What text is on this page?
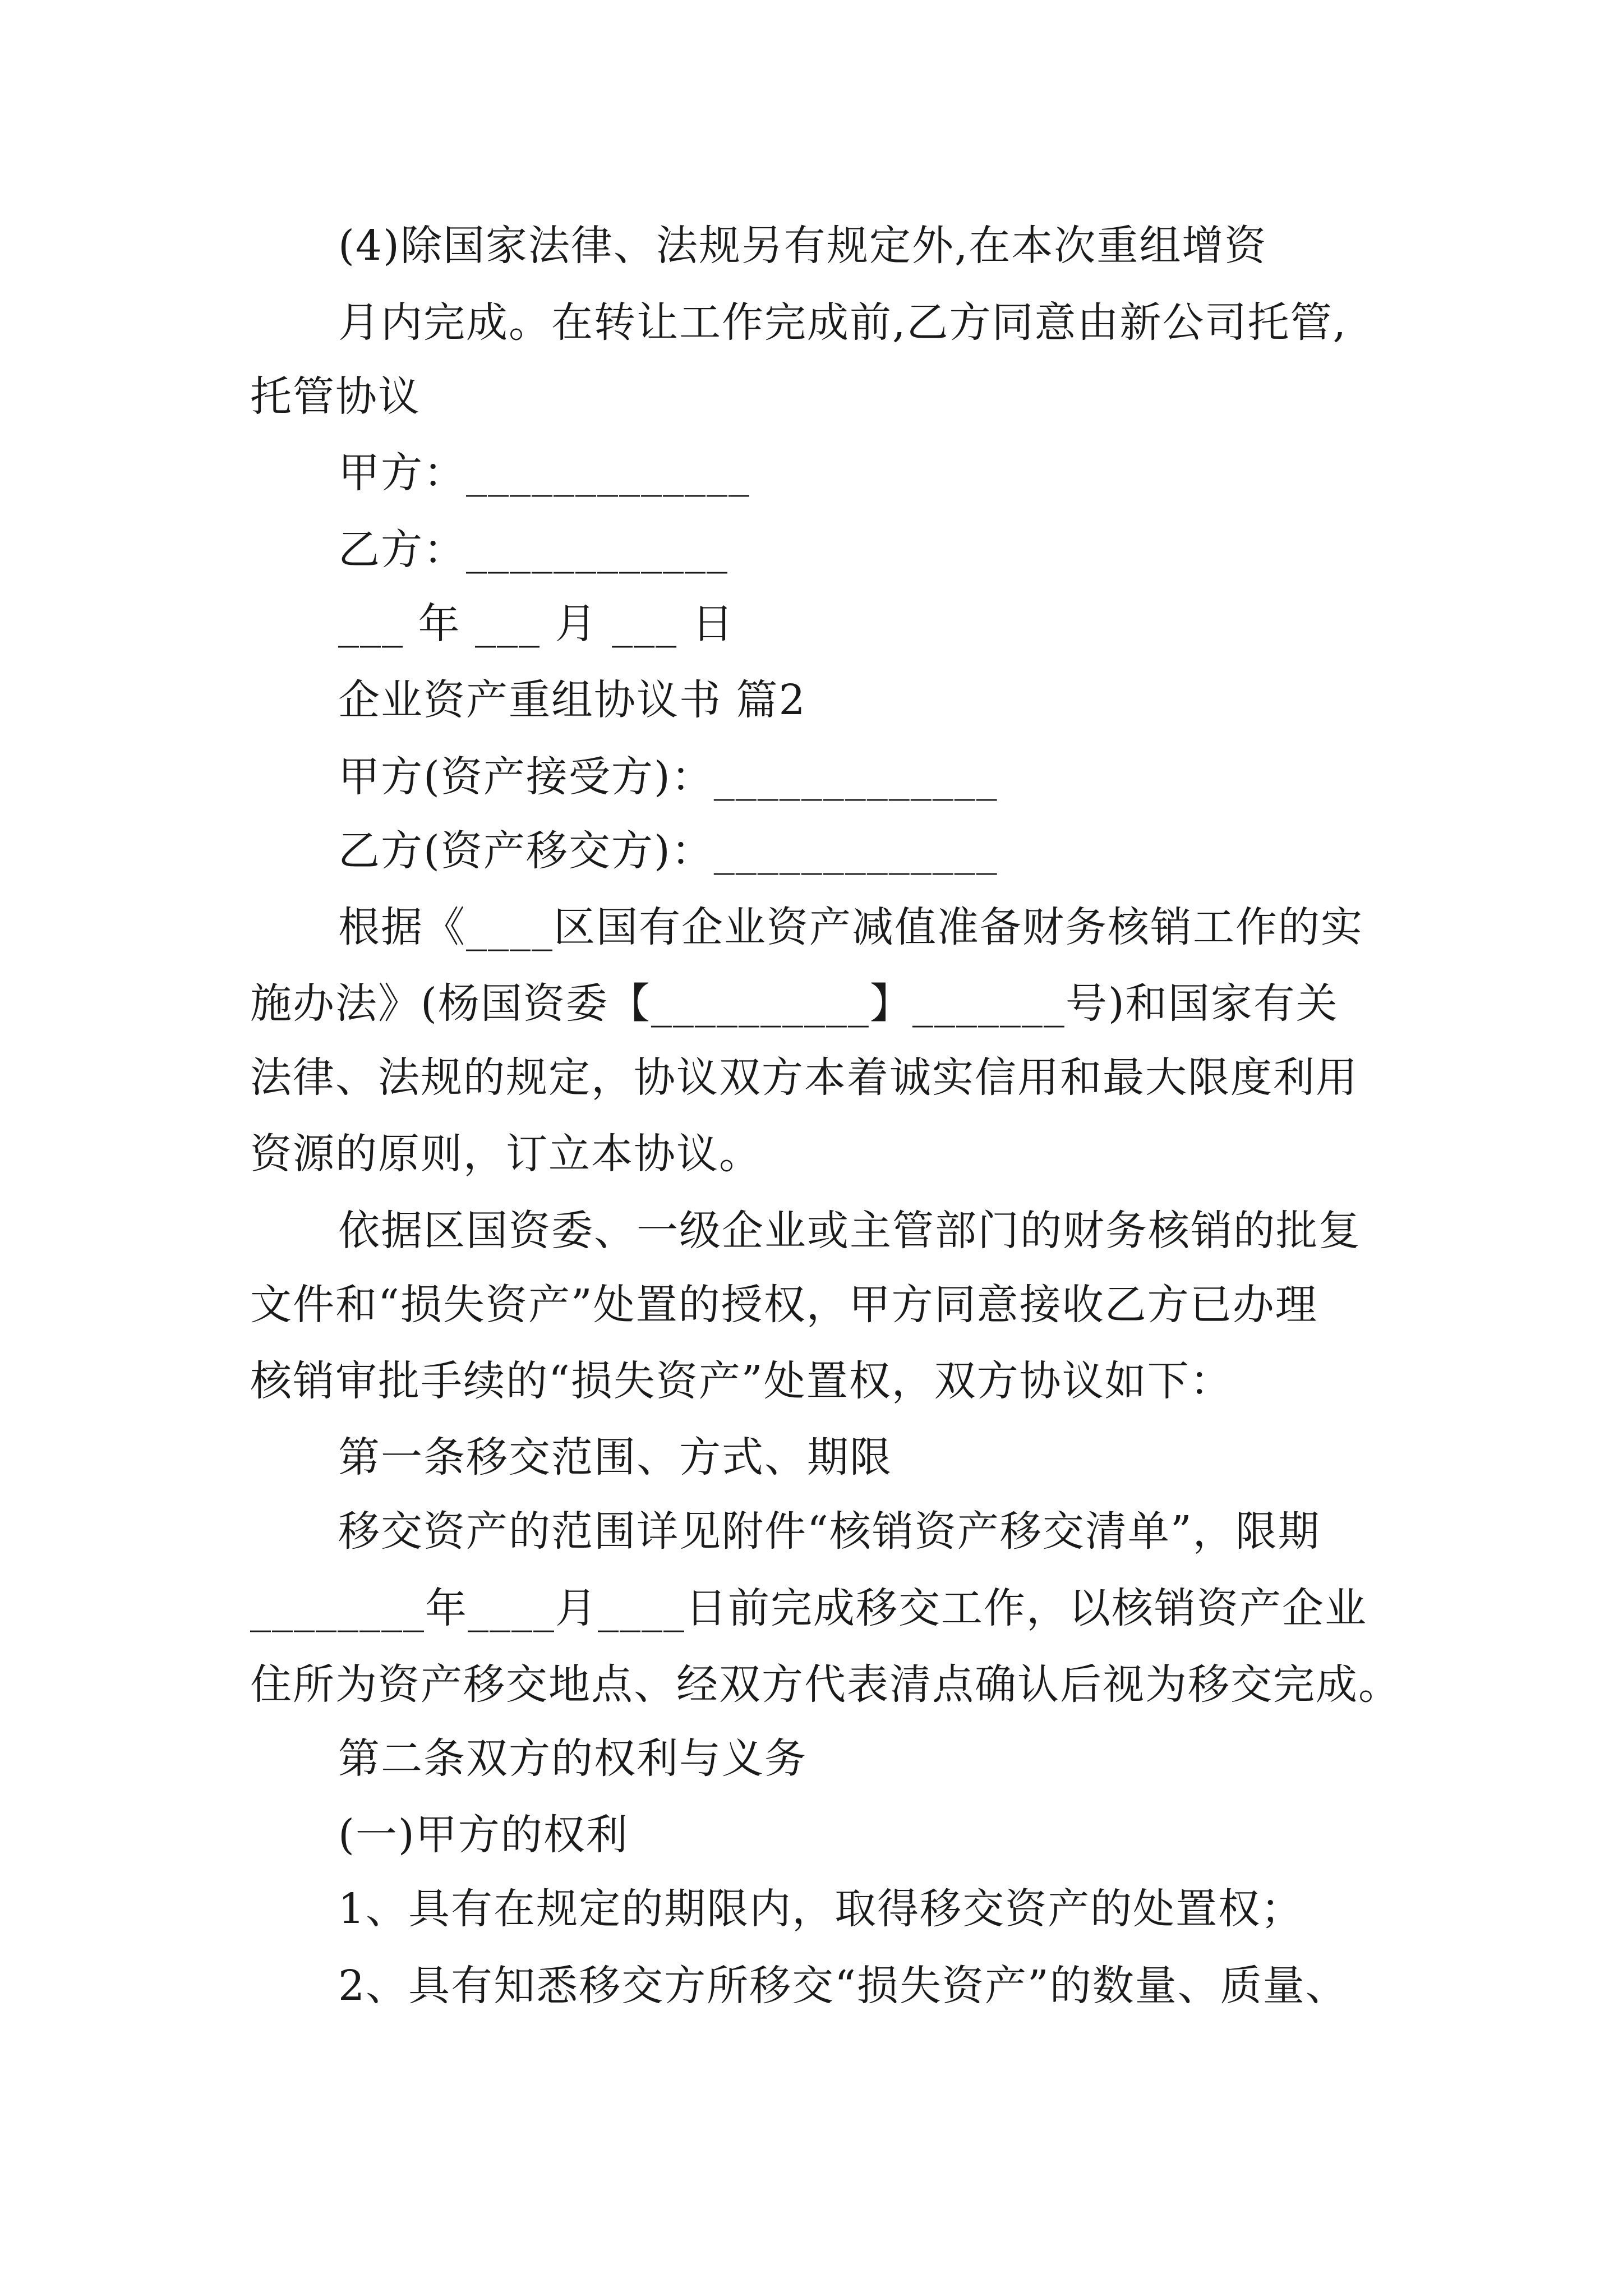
(4)除国家法律、法规另有规定外,在本次重组增资
月内完成。在转让工作完成前,乙方同意由新公司托管,
托管协议
甲方：_____________
乙方：____________
___ 年 ___ 月 ___ 日
企业资产重组协议书 篇2
甲方(资产接受方)：_____________
乙方(资产移交方)：_____________
根据《____区国有企业资产减值准备财务核销工作的实
施办法》(杨国资委【__________】_______号)和国家有关
法律、法规的规定，协议双方本着诚实信用和最大限度利用
资源的原则，订立本协议。
依据区国资委、一级企业或主管部门的财务核销的批复
文件和“损失资产”处置的授权，甲方同意接收乙方已办理
核销审批手续的“损失资产”处置权，双方协议如下：
第一条移交范围、方式、期限
移交资产的范围详见附件“核销资产移交清单”，限期
________年____月____日前完成移交工作，以核销资产企业
住所为资产移交地点、经双方代表清点确认后视为移交完成。
第二条双方的权利与义务
(一)甲方的权利
1、具有在规定的期限内，取得移交资产的处置权；
2、具有知悉移交方所移交“损失资产”的数量、质量、
